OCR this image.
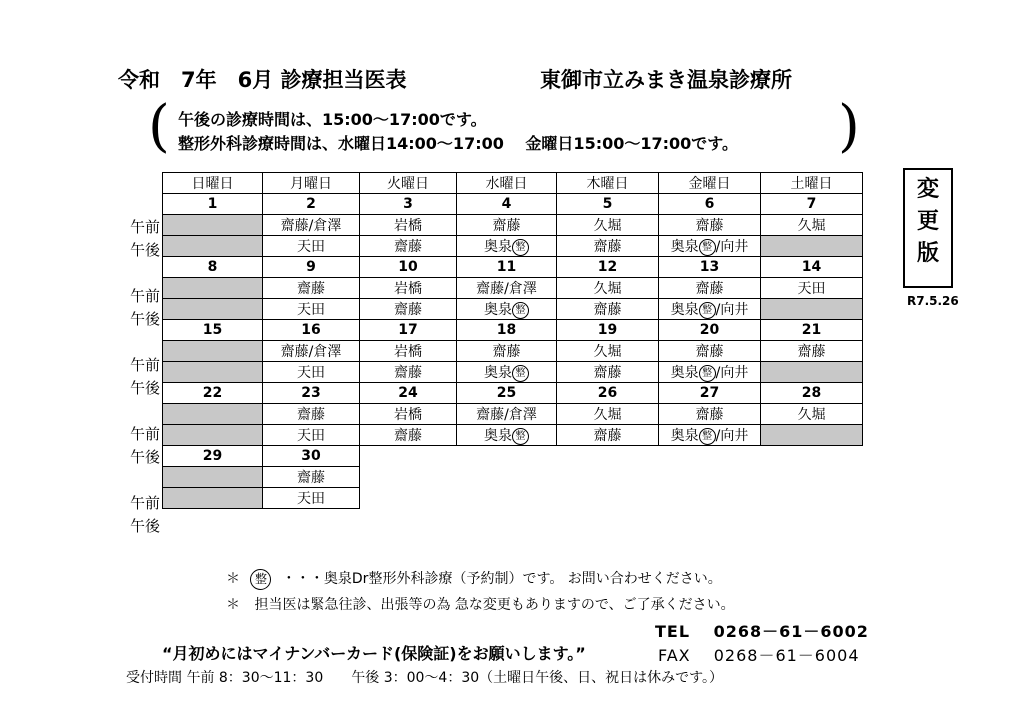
令和　7年　6月 診療担当医表	東御市立みまき温泉診療所
(	)
午後の診療時間は、15:00～17:00です。
整形外科診療時間は、水曜日14:00～17:00　 金曜日15:00～17:00です。
変
更
版
R7.5.26
午前
午後
午前
午後
午前
午後
午前
午後
午前
午後
日曜日	月曜日	火曜日	水曜日	木曜日	金曜日	土曜日
1	2	3	4	5	6	7
	齋藤/倉澤	岩橋	齋藤	久堀	齋藤	久堀
	天田	齋藤	奥泉 整	齋藤	奥泉 整 /向井	
8	9	10	11	12	13	14
	齋藤	岩橋	齋藤/倉澤	久堀	齋藤	天田
	天田	齋藤	奥泉 整	齋藤	奥泉 整 /向井	
15	16	17	18	19	20	21
	齋藤/倉澤	岩橋	齋藤	久堀	齋藤	齋藤
	天田	齋藤	奥泉 整	齋藤	奥泉 整 /向井	
22	23	24	25	26	27	28
	齋藤	岩橋	齋藤/倉澤	久堀	齋藤	久堀
	天田	齋藤	奥泉 整	齋藤	奥泉 整 /向井	
29	30					
	齋藤					
	天田					
＊ 整 ・・・奥泉Dr整形外科診療（予約制）です。 お問い合わせください。
＊ 担当医は緊急往診、出張等の為 急な変更もありますので、ご了承ください。
TEL　 0268－61－6002
“月初めにはマイナンバーカード(保険証)をお願いします。”	FAX　 0268－61－6004
受付時間 午前 8：30～11：30　　午後 3：00～4：30（土曜日午後、日、祝日は休みです。）
